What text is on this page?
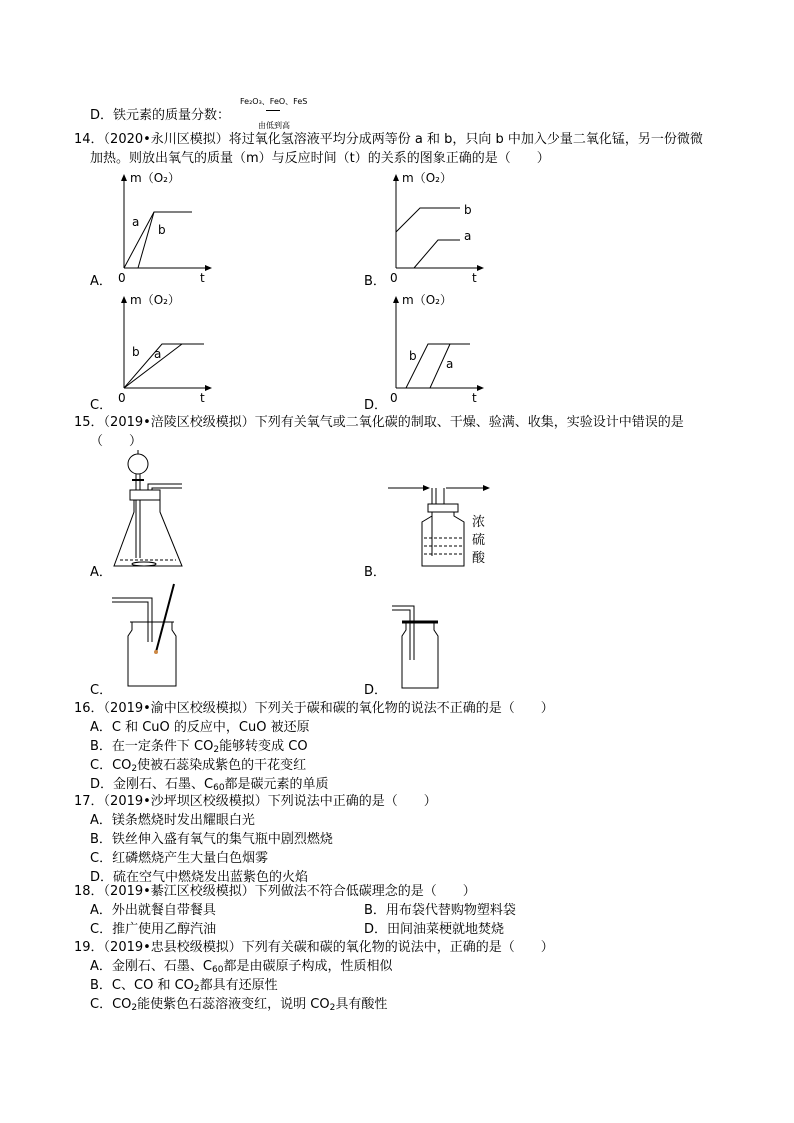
D．铁元素的质量分数：
Fe₂O₃、FeO、FeS
由低到高
14．（2020•永川区模拟）将过氧化氢溶液平均分成两等份 a 和 b，只向 b 中加入少量二氧化锰，另一份微微
加热。则放出氧气的质量（m）与反应时间（t）的关系的图象正确的是（　　）
m（O₂）
a
b
0	t
A．
m（O₂）
b
a
0	t
B．
m（O₂）
b a
0	t
C．
m（O₂）
b
a
0	t
D．
15．（2019•涪陵区校级模拟）下列有关氧气或二氧化碳的制取、干燥、验满、收集，实验设计中错误的是
（　　）
A．
浓
硫
酸
B．
C．	D．
16．（2019•渝中区校级模拟）下列关于碳和碳的氧化物的说法不正确的是（　　）
A．C 和 CuO 的反应中，CuO 被还原
B．在一定条件下 $CO_2$能够转变成 CO
C．$CO_2$使被石蕊染成紫色的干花变红
D．金刚石、石墨、$C_{60}$都是碳元素的单质
17．（2019•沙坪坝区校级模拟）下列说法中正确的是（　　）
A．镁条燃烧时发出耀眼白光
B．铁丝伸入盛有氧气的集气瓶中剧烈燃烧
C．红磷燃烧产生大量白色烟雾
D．硫在空气中燃烧发出蓝紫色的火焰
18．（2019•綦江区校级模拟）下列做法不符合低碳理念的是（　　）
A．外出就餐自带餐具	B．用布袋代替购物塑料袋
C．推广使用乙醇汽油	D．田间油菜梗就地焚烧
19．（2019•忠县校级模拟）下列有关碳和碳的氧化物的说法中，正确的是（　　）
A．金刚石、石墨、$C_{60}$都是由碳原子构成，性质相似
B．C、CO 和 $CO_2$都具有还原性
C．$CO_2$能使紫色石蕊溶液变红，说明 $CO_2$具有酸性
